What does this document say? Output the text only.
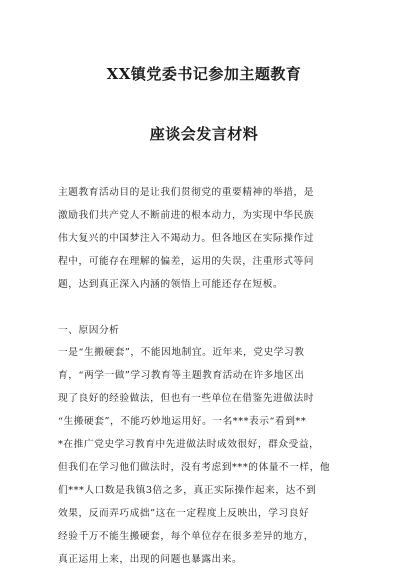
XX镇党委书记参加主题教育
座谈会发言材料
主题教育活动目的是让我们贯彻党的重要精神的举措，是
激励我们共产党人不断前进的根本动力，为实现中华民族
伟大复兴的中国梦注入不竭动力。但各地区在实际操作过
程中，可能存在理解的偏差，运用的失误，注重形式等问
题，达到真正深入内涵的领悟上可能还存在短板。
一、原因分析
一是“生搬硬套”，不能因地制宜。近年来，党史学习教
育，“两学一做”学习教育等主题教育活动在许多地区出
现了良好的经验做法，但也有一些单位在借鉴先进做法时
“生搬硬套”，不能巧妙地运用好。一名***表示“看到**
*在推广党史学习教育中先进做法时成效很好，群众受益，
但我们在学习他们做法时，没有考虑到***的体量不一样，他
们***人口数是我镇3倍之多，真正实际操作起来，达不到
效果，反而弄巧成拙”这在一定程度上反映出，学习良好
经验千万不能生搬硬套，每个单位存在很多差异的地方，
真正运用上来，出现的问题也暴露出来。
